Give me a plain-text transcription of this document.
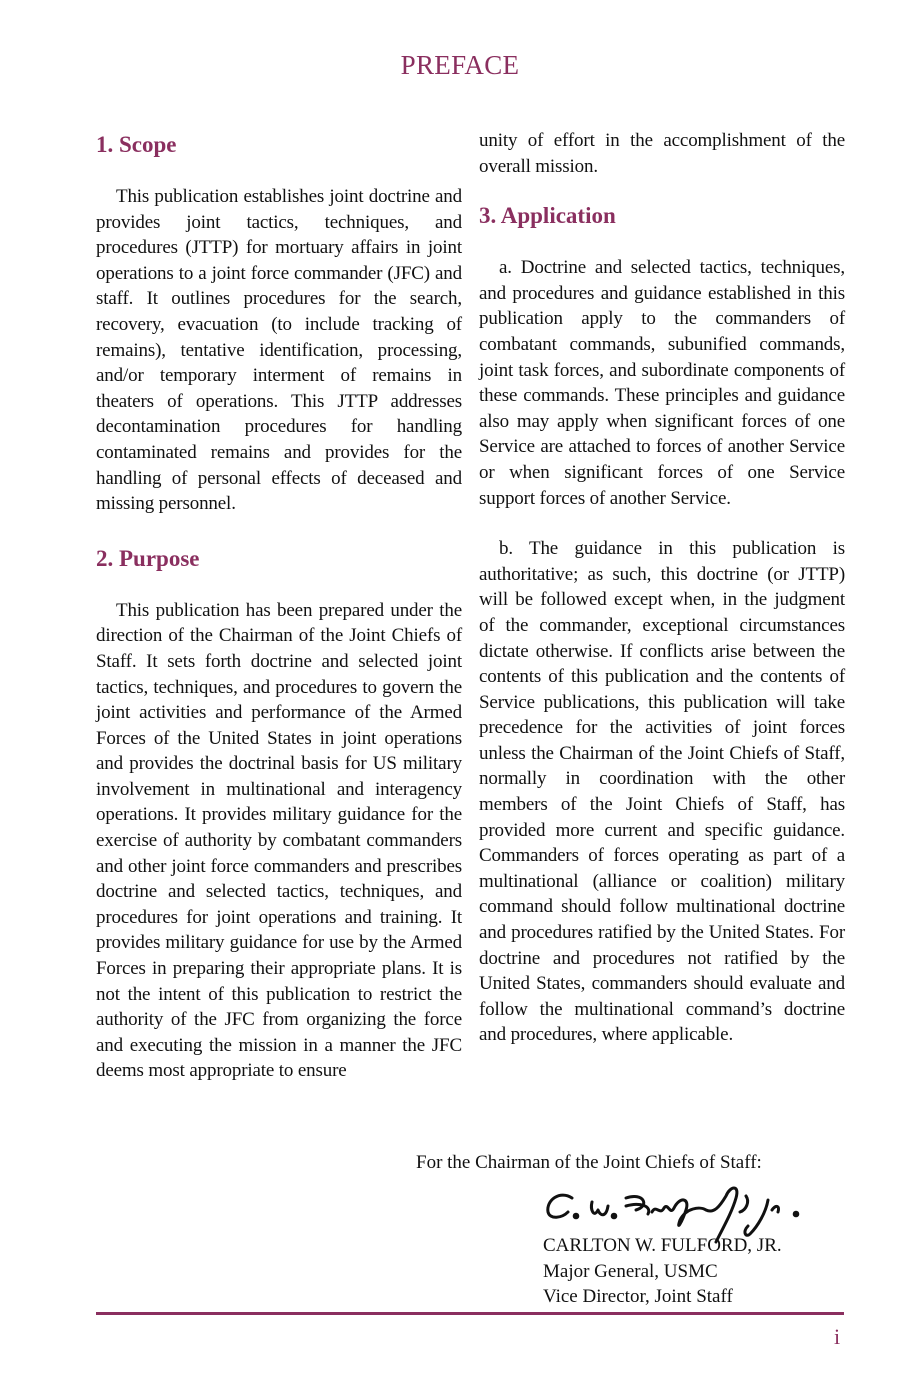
PREFACE
1. Scope

This publication establishes joint doctrine and provides joint tactics, techniques, and procedures (JTTP) for mortuary affairs in joint operations to a joint force commander (JFC) and staff. It outlines procedures for the search, recovery, evacuation (to include tracking of remains), tentative identification, processing, and/or temporary interment of remains in theaters of operations. This JTTP addresses decontamination procedures for handling contaminated remains and provides for the handling of personal effects of deceased and missing personnel.

2. Purpose

This publication has been prepared under the direction of the Chairman of the Joint Chiefs of Staff. It sets forth doctrine and selected joint tactics, techniques, and procedures to govern the joint activities and performance of the Armed Forces of the United States in joint operations and provides the doctrinal basis for US military involvement in multinational and interagency operations. It provides military guidance for the exercise of authority by combatant commanders and other joint force commanders and prescribes doctrine and selected tactics, techniques, and procedures for joint operations and training. It provides military guidance for use by the Armed Forces in preparing their appropriate plans. It is not the intent of this publication to restrict the authority of the JFC from organizing the force and executing the mission in a manner the JFC deems most appropriate to ensure

unity of effort in the accomplishment of the overall mission.

3. Application

a. Doctrine and selected tactics, techniques, and procedures and guidance established in this publication apply to the commanders of combatant commands, subunified commands, joint task forces, and subordinate components of these commands. These principles and guidance also may apply when significant forces of one Service are attached to forces of another Service or when significant forces of one Service support forces of another Service.

b. The guidance in this publication is authoritative; as such, this doctrine (or JTTP) will be followed except when, in the judgment of the commander, exceptional circumstances dictate otherwise. If conflicts arise between the contents of this publication and the contents of Service publications, this publication will take precedence for the activities of joint forces unless the Chairman of the Joint Chiefs of Staff, normally in coordination with the other members of the Joint Chiefs of Staff, has provided more current and specific guidance. Commanders of forces operating as part of a multinational (alliance or coalition) military command should follow multinational doctrine and procedures ratified by the United States. For doctrine and procedures not ratified by the United States, commanders should evaluate and follow the multinational command’s doctrine and procedures, where applicable.

For the Chairman of the Joint Chiefs of Staff:
CARLTON W. FULFORD, JR.
Major General, USMC
Vice Director, Joint Staff
i
